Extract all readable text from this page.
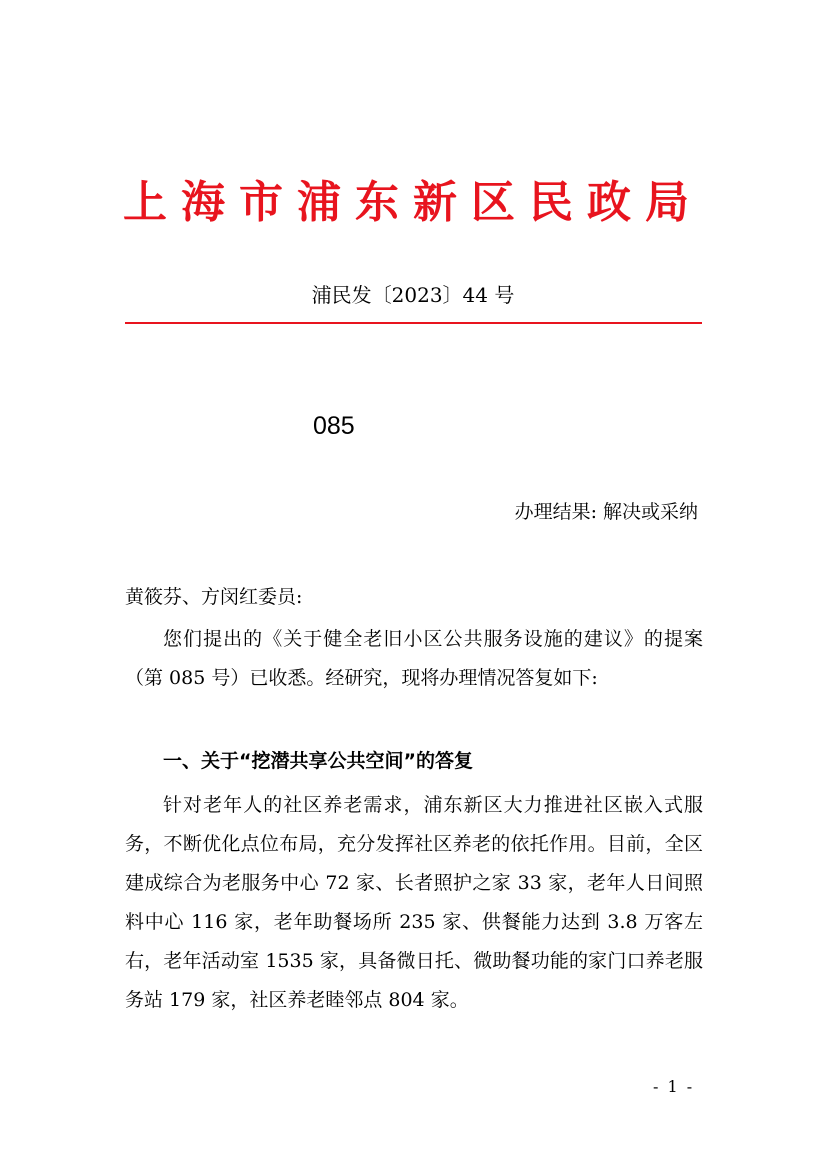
上海市浦东新区民政局
浦民发〔2023〕44 号
085
办理结果: 解决或采纳
黄筱芬、方闵红委员:
您们提出的《关于健全老旧小区公共服务设施的建议》的提案（第 085 号）已收悉。经研究，现将办理情况答复如下:
一、关于“挖潜共享公共空间”的答复
针对老年人的社区养老需求，浦东新区大力推进社区嵌入式服务，不断优化点位布局，充分发挥社区养老的依托作用。目前，全区建成综合为老服务中心 72 家、长者照护之家 33 家，老年人日间照料中心 116 家，老年助餐场所 235 家、供餐能力达到 3.8 万客左右，老年活动室 1535 家，具备微日托、微助餐功能的家门口养老服务站 179 家，社区养老睦邻点 804 家。
- 1 -
